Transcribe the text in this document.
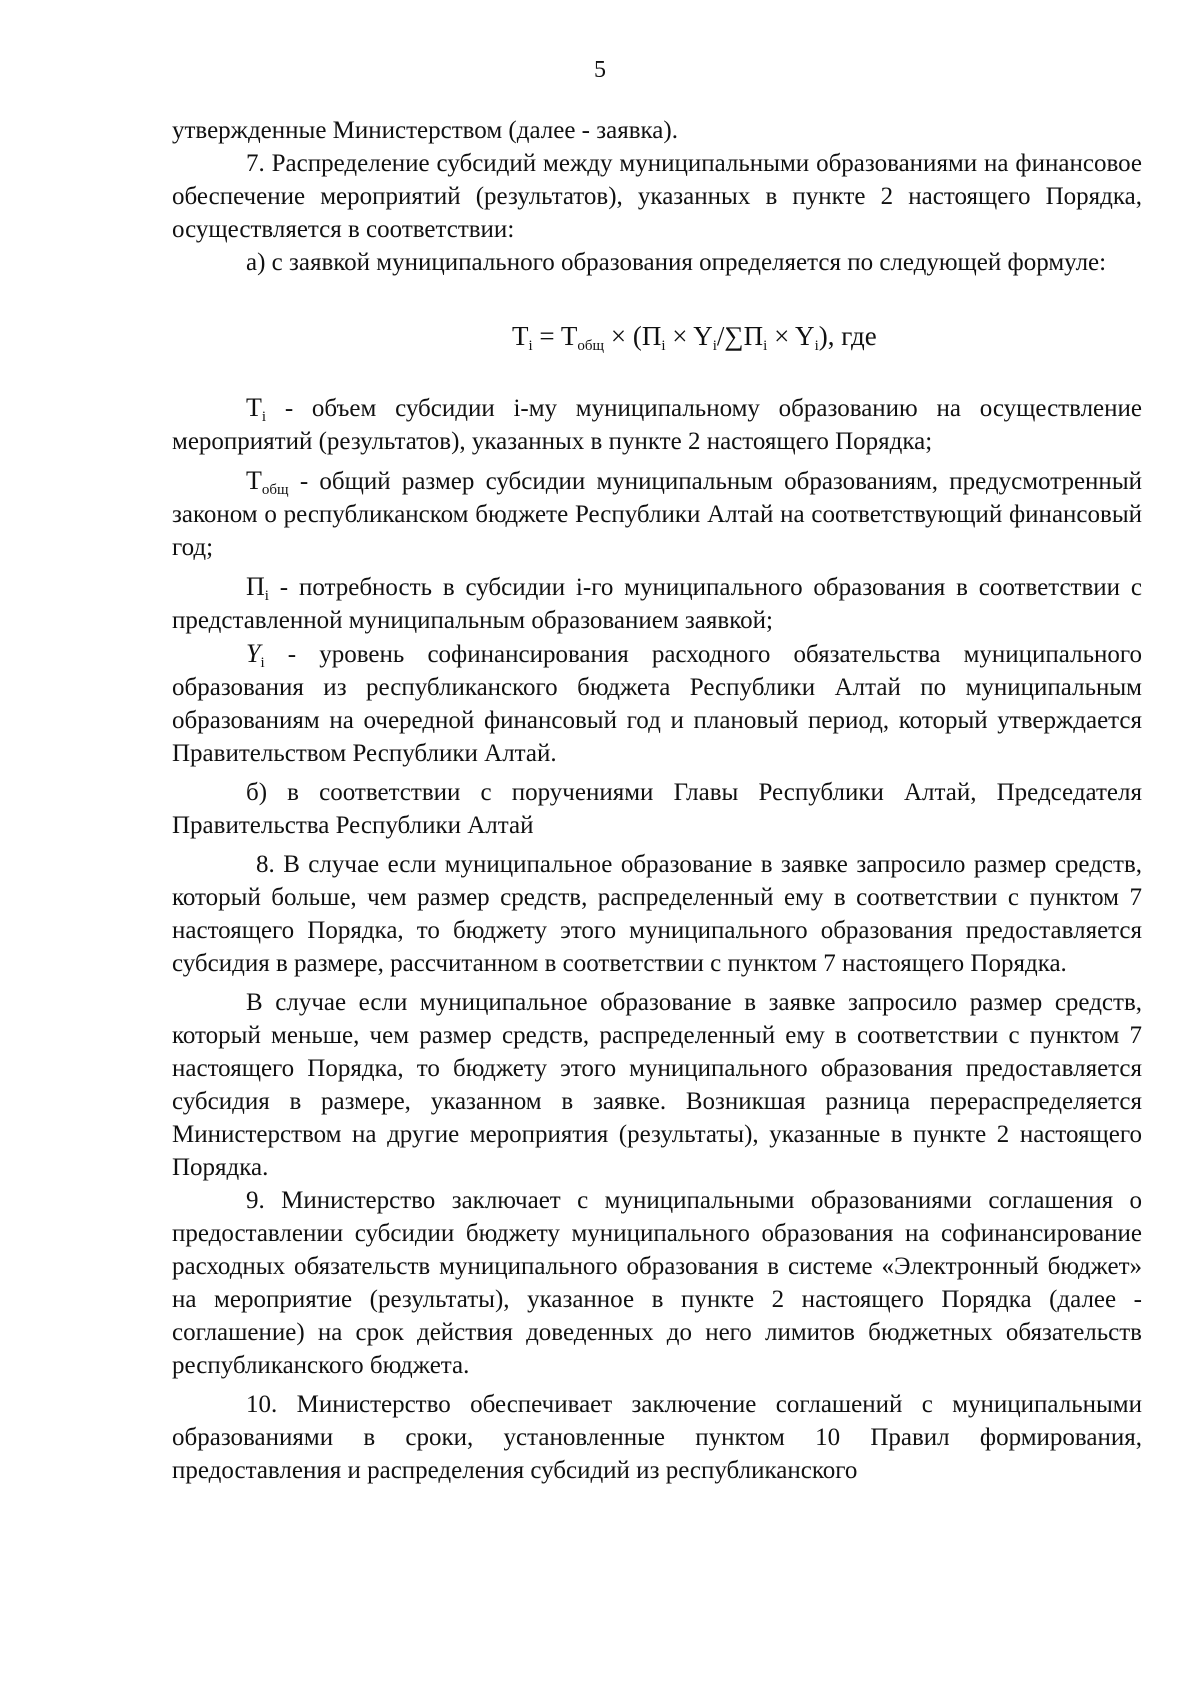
5

утвержденные Министерством (далее - заявка).

7. Распределение субсидий между муниципальными образованиями на финансовое обеспечение мероприятий (результатов), указанных в пункте 2 настоящего Порядка, осуществляется в соответствии:

а) с заявкой муниципального образования определяется по следующей формуле:

$T_i = T_{общ} \times (П_i \times Y_i/\sum П_i \times Y_i)$, где

$T_i$ - объем субсидии i-му муниципальному образованию на осуществление мероприятий (результатов), указанных в пункте 2 настоящего Порядка;

$T_{общ}$ - общий размер субсидии муниципальным образованиям, предусмотренный законом о республиканском бюджете Республики Алтай на соответствующий финансовый год;

$П_i$ - потребность в субсидии i-го муниципального образования в соответствии с представленной муниципальным образованием заявкой;

$Y_i$ - уровень софинансирования расходного обязательства муниципального образования из республиканского бюджета Республики Алтай по муниципальным образованиям на очередной финансовый год и плановый период, который утверждается Правительством Республики Алтай.

б) в соответствии с поручениями Главы Республики Алтай, Председателя Правительства Республики Алтай

8. В случае если муниципальное образование в заявке запросило размер средств, который больше, чем размер средств, распределенный ему в соответствии с пунктом 7 настоящего Порядка, то бюджету этого муниципального образования предоставляется субсидия в размере, рассчитанном в соответствии с пунктом 7 настоящего Порядка.

В случае если муниципальное образование в заявке запросило размер средств, который меньше, чем размер средств, распределенный ему в соответствии с пунктом 7 настоящего Порядка, то бюджету этого муниципального образования предоставляется субсидия в размере, указанном в заявке. Возникшая разница перераспределяется Министерством на другие мероприятия (результаты), указанные в пункте 2 настоящего Порядка.

9. Министерство заключает с муниципальными образованиями соглашения о предоставлении субсидии бюджету муниципального образования на софинансирование расходных обязательств муниципального образования в системе «Электронный бюджет» на мероприятие (результаты), указанное в пункте 2 настоящего Порядка (далее - соглашение) на срок действия доведенных до него лимитов бюджетных обязательств республиканского бюджета.

10. Министерство обеспечивает заключение соглашений с муниципальными образованиями в сроки, установленные пунктом 10 Правил формирования, предоставления и распределения субсидий из республиканского
